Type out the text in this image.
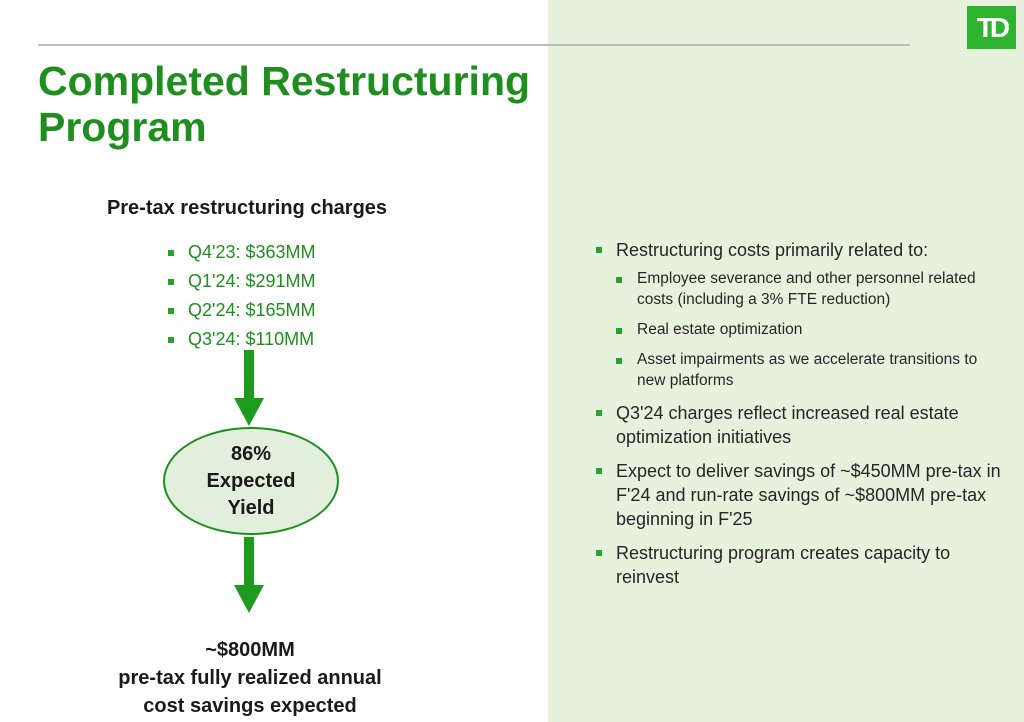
TD
Completed Restructuring
Program
Pre-tax restructuring charges
Q4'23: $363MM
Q1'24: $291MM
Q2'24: $165MM
Q3'24: $110MM
86%
Expected
Yield
~$800MM
pre-tax fully realized annual
cost savings expected
Restructuring costs primarily related to:
Employee severance and other personnel related costs (including a 3% FTE reduction)
Real estate optimization
Asset impairments as we accelerate transitions to new platforms
Q3'24 charges reflect increased real estate optimization initiatives
Expect to deliver savings of ~$450MM pre-tax in F'24 and run-rate savings of ~$800MM pre-tax beginning in F'25
Restructuring program creates capacity to reinvest
